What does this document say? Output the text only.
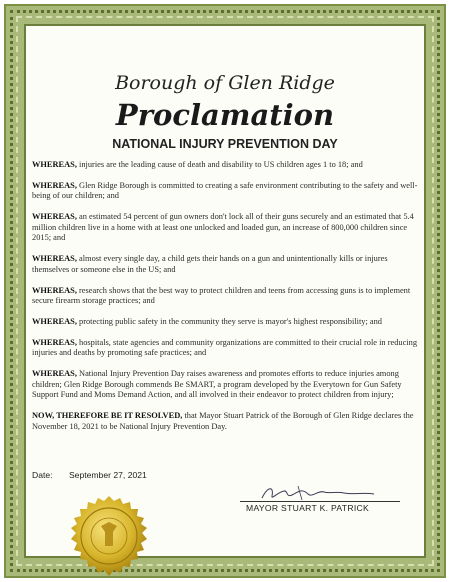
Borough of Glen Ridge
Proclamation
NATIONAL INJURY PREVENTION DAY

WHEREAS, injuries are the leading cause of death and disability to US children ages 1 to 18; and

WHEREAS, Glen Ridge Borough is committed to creating a safe environment contributing to the safety and well-being of our children; and

WHEREAS, an estimated 54 percent of gun owners don't lock all of their guns securely and an estimated that 5.4 million children live in a home with at least one unlocked and loaded gun, an increase of 800,000 children since 2015; and

WHEREAS, almost every single day, a child gets their hands on a gun and unintentionally kills or injures themselves or someone else in the US; and

WHEREAS, research shows that the best way to protect children and teens from accessing guns is to implement secure firearm storage practices; and

WHEREAS, protecting public safety in the community they serve is mayor's highest responsibility; and

WHEREAS, hospitals, state agencies and community organizations are committed to their crucial role in reducing injuries and deaths by promoting safe practices; and

WHEREAS, National Injury Prevention Day raises awareness and promotes efforts to reduce injuries among children; Glen Ridge Borough commends Be SMART, a program developed by the Everytown for Gun Safety Support Fund and Moms Demand Action, and all involved in their endeavor to protect children from injury;

NOW, THEREFORE BE IT RESOLVED, that Mayor Stuart Patrick of the Borough of Glen Ridge declares the November 18, 2021 to be National Injury Prevention Day.

Date: September 27, 2021
MAYOR STUART K. PATRICK
